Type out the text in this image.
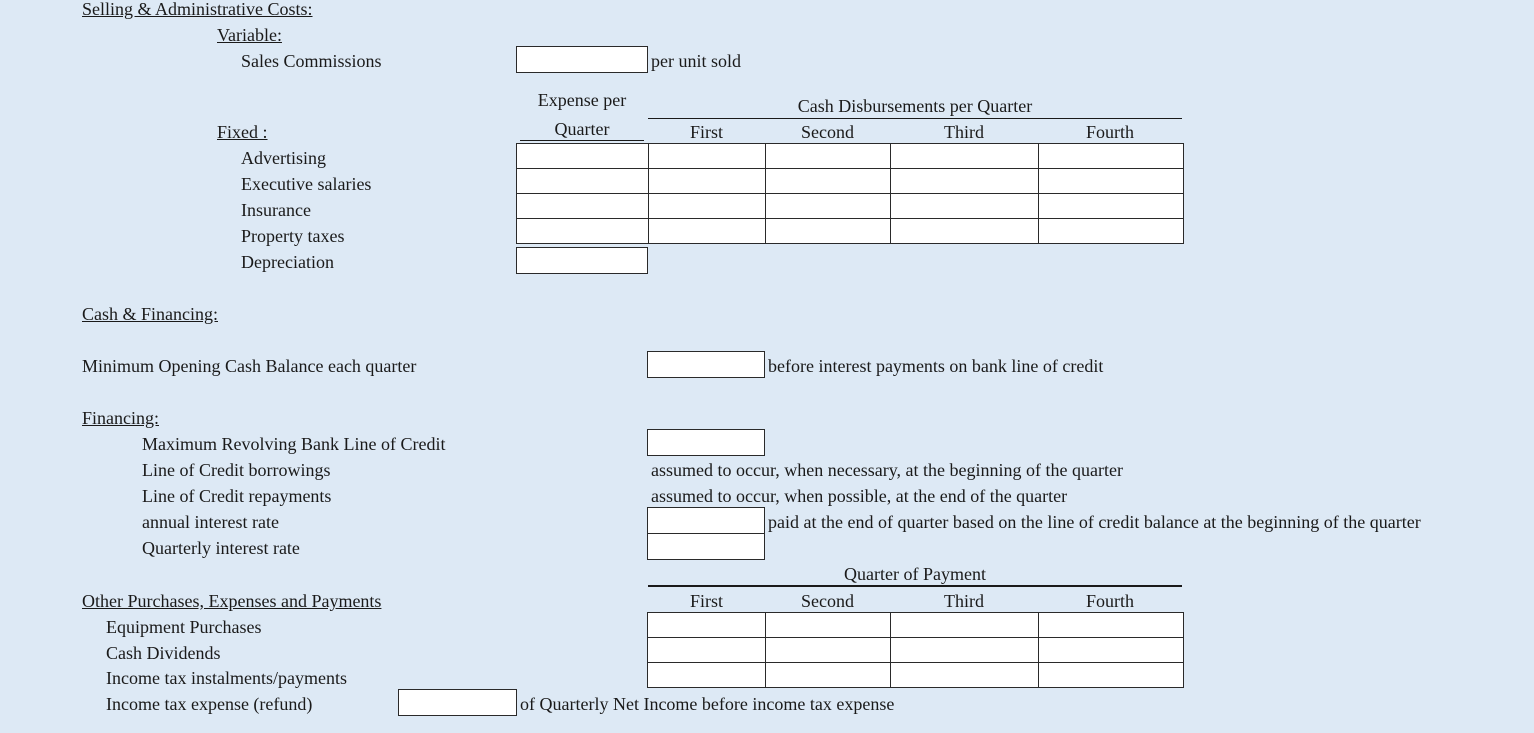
Selling & Administrative Costs:
Variable:
Sales Commissions	per unit sold
Expense per
Quarter
Cash Disbursements per Quarter
First	Second	Third	Fourth
Fixed :
Advertising
Executive salaries
Insurance
Property taxes
Depreciation

Cash & Financing:
Minimum Opening Cash Balance each quarter	before interest payments on bank line of credit
Financing:
Maximum Revolving Bank Line of Credit
Line of Credit borrowings	assumed to occur, when necessary, at the beginning of the quarter
Line of Credit repayments	assumed to occur, when possible, at the end of the quarter
annual interest rate	paid at the end of quarter based on the line of credit balance at the beginning of the quarter
Quarterly interest rate
Quarter of Payment
Other Purchases, Expenses and Payments	First	Second	Third	Fourth
Equipment Purchases
Cash Dividends
Income tax instalments/payments

Income tax expense (refund)	of Quarterly Net Income before income tax expense
